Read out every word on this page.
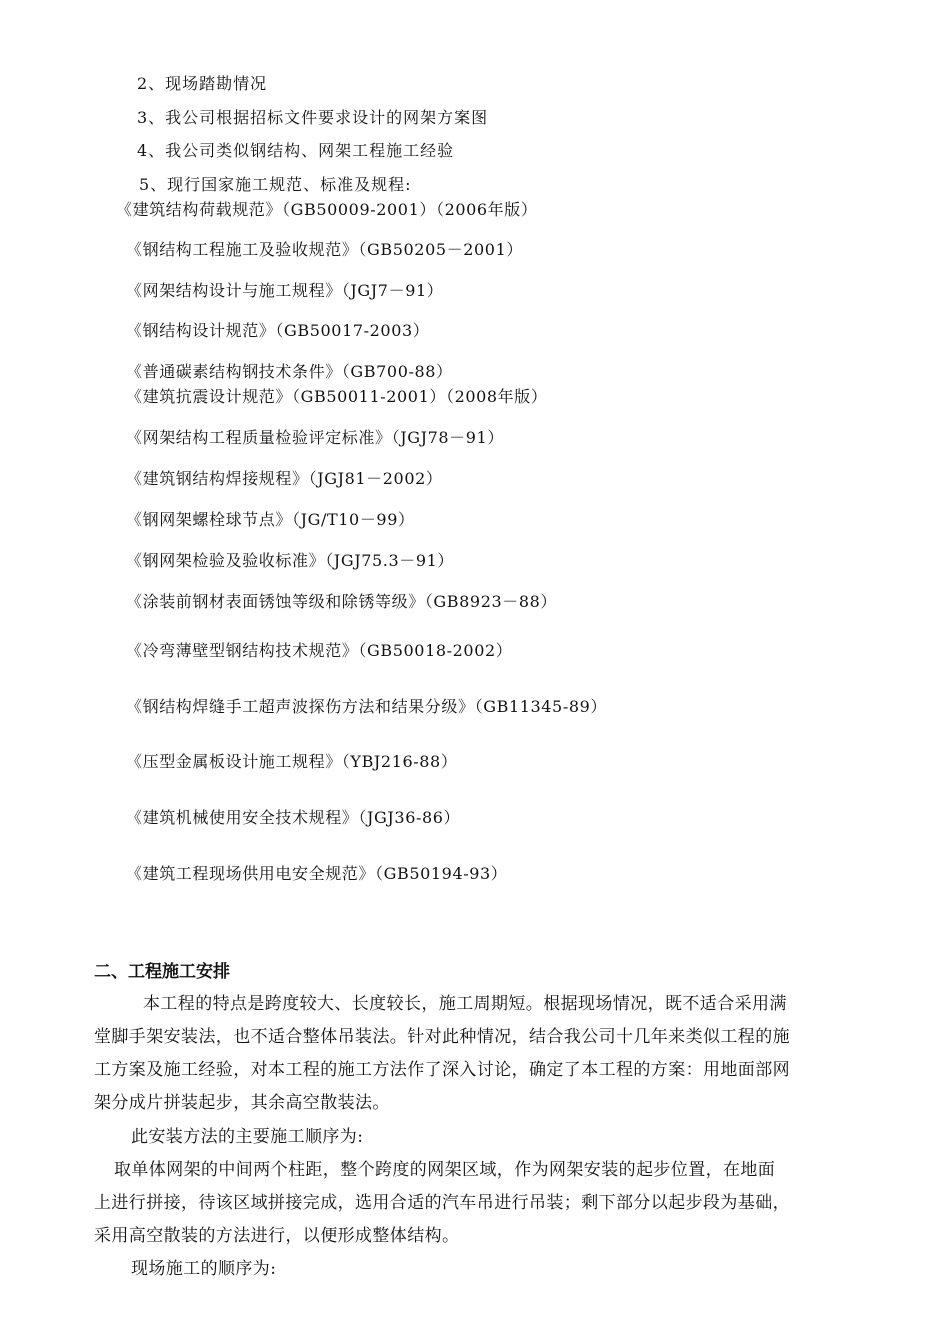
2、现场踏勘情况
3、我公司根据招标文件要求设计的网架方案图
4、我公司类似钢结构、网架工程施工经验
5、现行国家施工规范、标准及规程:
《建筑结构荷载规范》（GB50009-2001）（2006年版）
《钢结构工程施工及验收规范》（GB50205－2001）
《网架结构设计与施工规程》（JGJ7－91）
《钢结构设计规范》（GB50017-2003）
《普通碳素结构钢技术条件》（GB700-88）
《建筑抗震设计规范》（GB50011-2001）（2008年版）
《网架结构工程质量检验评定标准》（JGJ78－91）
《建筑钢结构焊接规程》（JGJ81－2002）
《钢网架螺栓球节点》（JG/T10－99）
《钢网架检验及验收标准》（JGJ75.3－91）
《涂装前钢材表面锈蚀等级和除锈等级》（GB8923－88）
《冷弯薄壁型钢结构技术规范》（GB50018-2002）
《钢结构焊缝手工超声波探伤方法和结果分级》（GB11345-89）
《压型金属板设计施工规程》（YBJ216-88）
《建筑机械使用安全技术规程》（JGJ36-86）
《建筑工程现场供用电安全规范》（GB50194-93）
二、工程施工安排
本工程的特点是跨度较大、长度较长，施工周期短。根据现场情况，既不适合采用满
堂脚手架安装法，也不适合整体吊装法。针对此种情况，结合我公司十几年来类似工程的施
工方案及施工经验，对本工程的施工方法作了深入讨论，确定了本工程的方案：用地面部网
架分成片拼装起步，其余高空散装法。
此安装方法的主要施工顺序为:
取单体网架的中间两个柱距，整个跨度的网架区域，作为网架安装的起步位置，在地面
上进行拼接，待该区域拼接完成，选用合适的汽车吊进行吊装；剩下部分以起步段为基础，
采用高空散装的方法进行，以便形成整体结构。
现场施工的顺序为:
